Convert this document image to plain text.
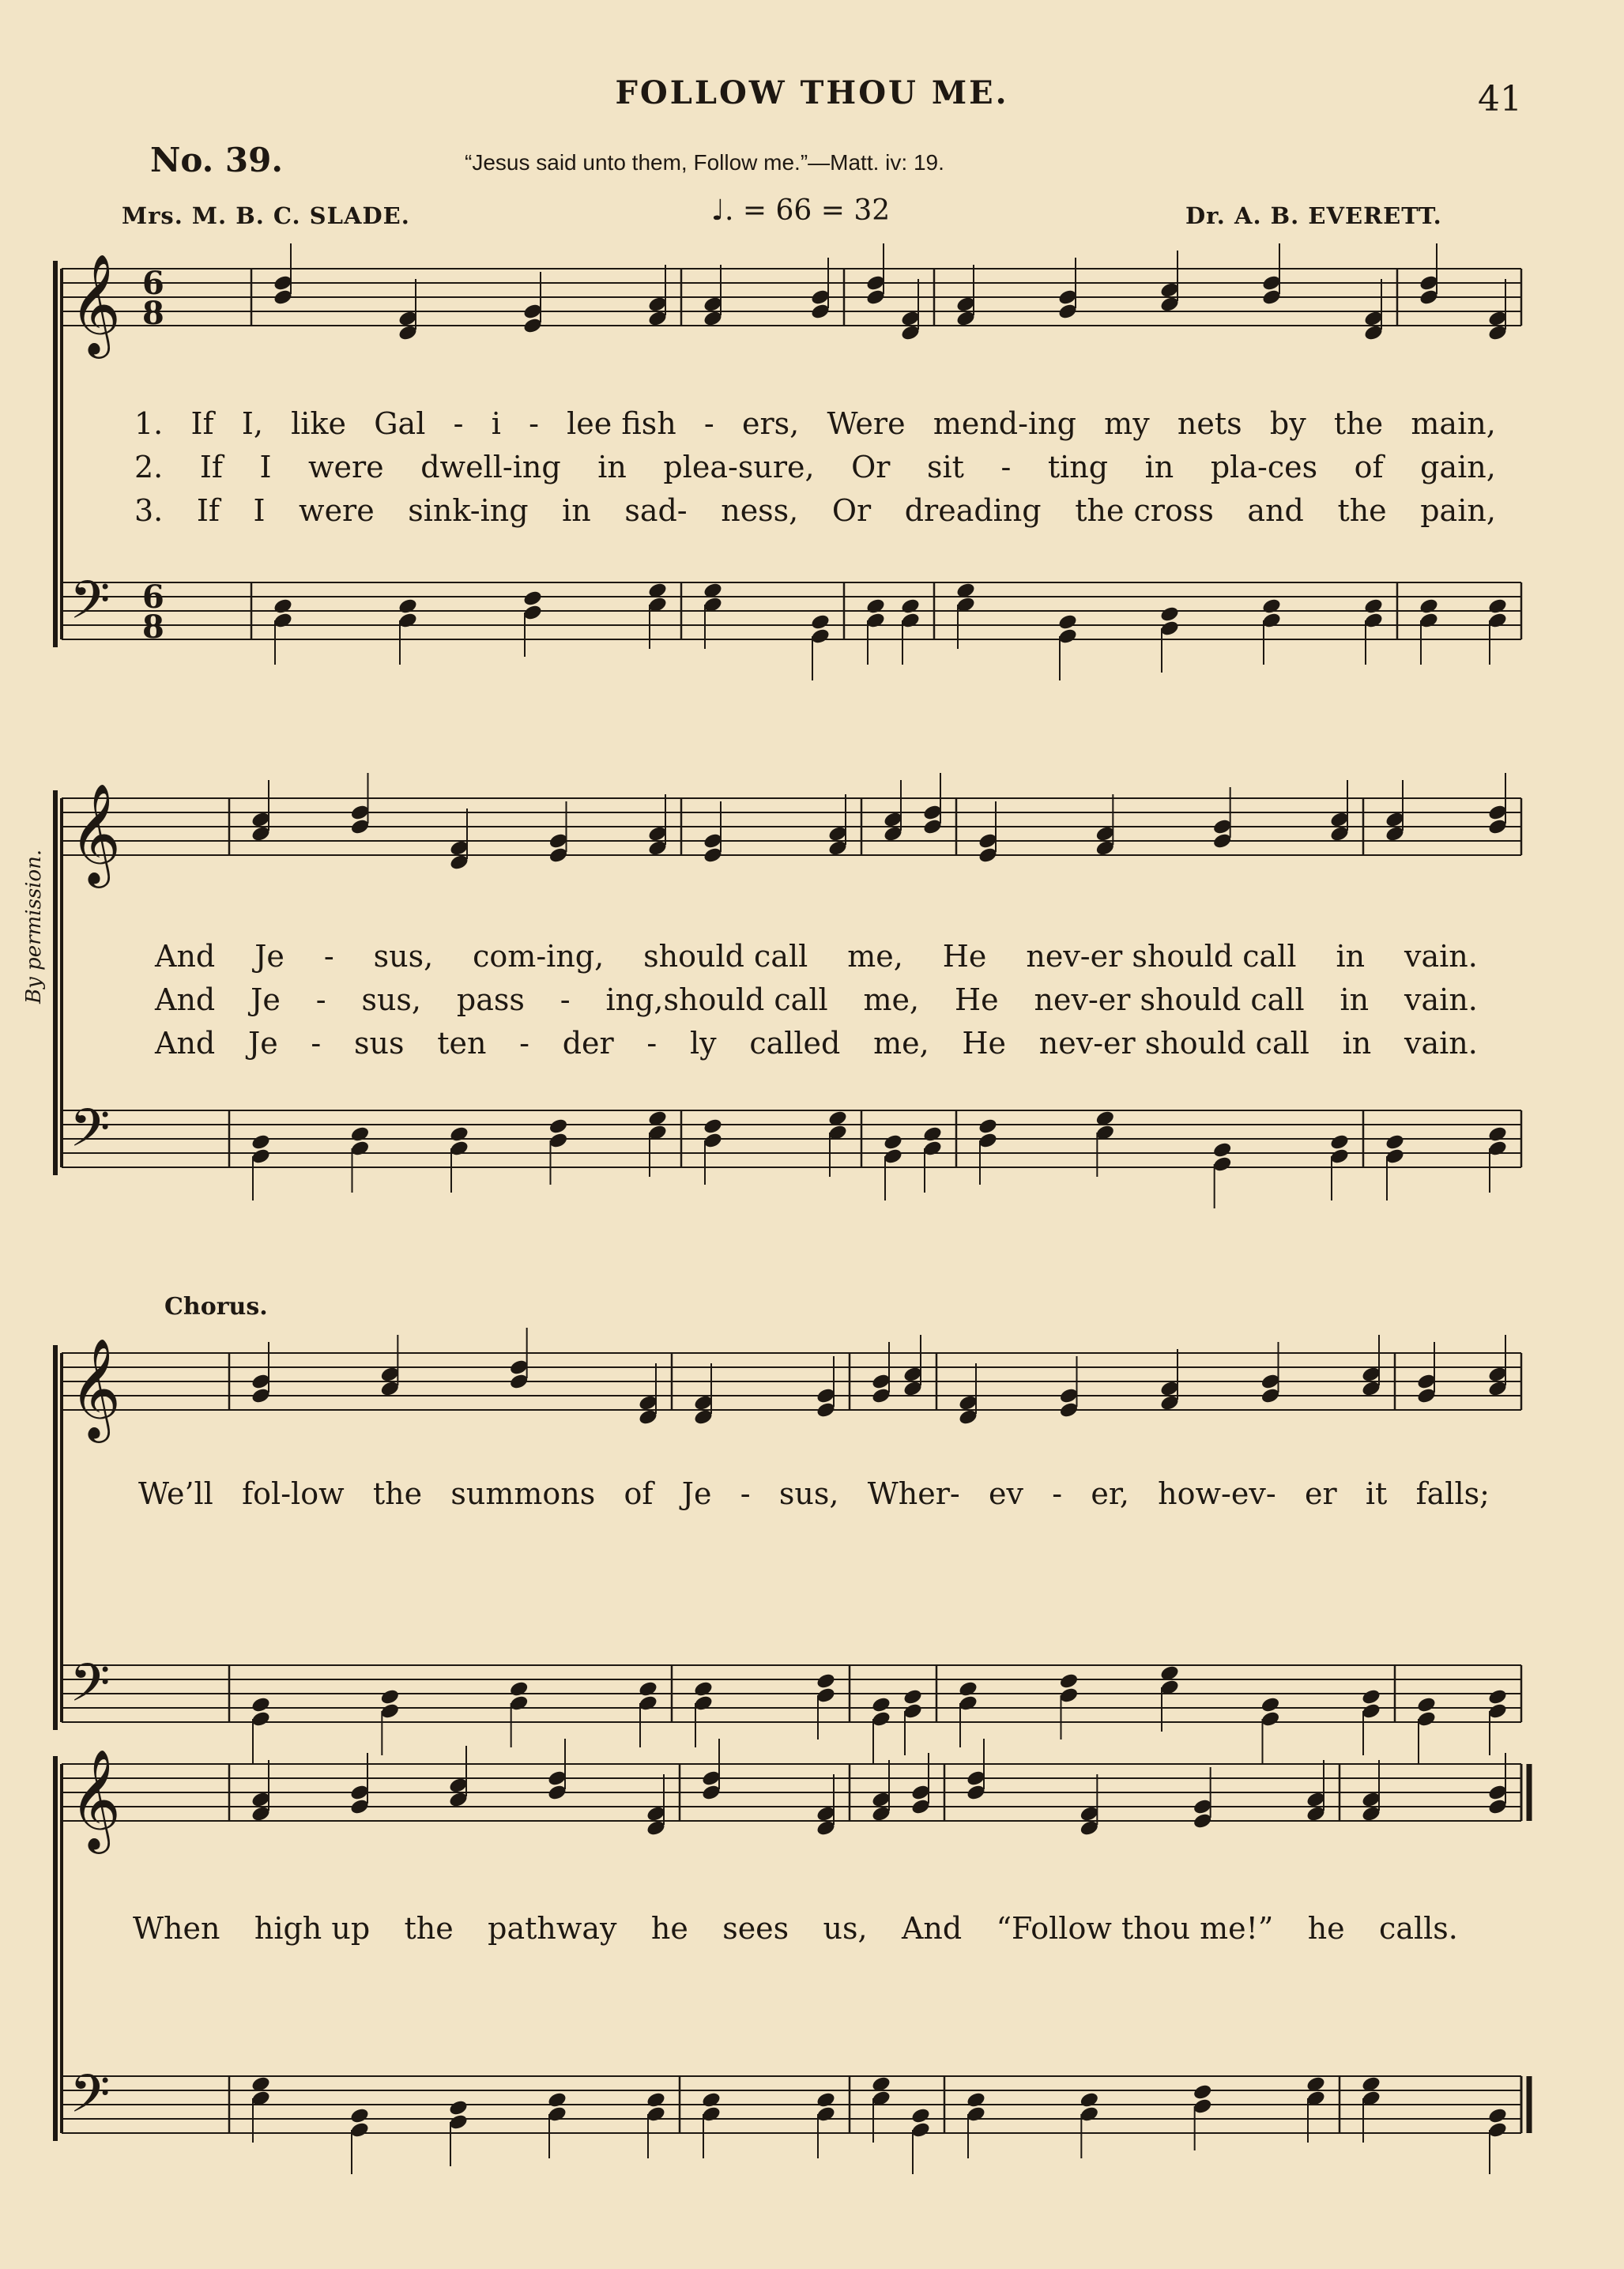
FOLLOW THOU ME.	41
No. 39.	“Jesus said unto them, Follow me.”—Matt. iv: 19.
Mrs. M. B. C. SLADE.	♩. = 66 = 32	Dr. A. B. EVERETT.
By permission.
Chorus.
𝄞
𝄢
6
8
6
8
𝄞
𝄢
𝄞
𝄢
𝄞
𝄢
1. If I, like Gal - i - lee fish - ers, Were mend-ing my nets by the main,
2. If I were dwell-ing in plea-sure, Or sit - ting in pla-ces of gain,
3. If I were sink-ing in sad- ness, Or dreading the cross and the pain,
And Je - sus, com-ing, should call me, He nev-er should call in vain.
And Je - sus, pass - ing,should call me, He nev-er should call in vain.
And Je - sus ten - der - ly called me, He nev-er should call in vain.
We’ll fol-low the summons of Je - sus, Wher- ev - er, how-ev- er it falls;
When high up the pathway he sees us, And “Follow thou me!” he calls.
